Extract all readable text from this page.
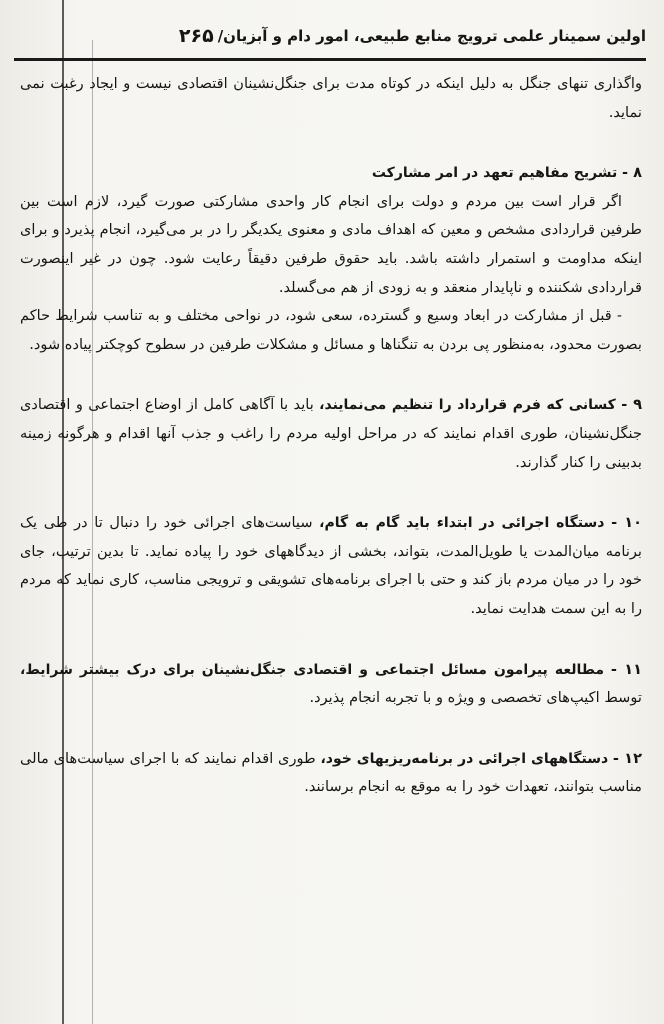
اولین سمینار علمی ترویج منابع طبیعی، امور دام و آبزیان/
۲۶۵

واگذاری تنهای جنگل به دلیل اینکه در کوتاه مدت برای جنگل‌نشینان اقتصادی نیست و ایجاد رغبت نمی نماید.

۸ - تشریح مفاهیم تعهد در امر مشارکت

اگر قرار است بین مردم و دولت برای انجام کار واحدی مشارکتی صورت گیرد، لازم است بین طرفین قراردادی مشخص و معین که اهداف مادی و معنوی یکدیگر را در بر می‌گیرد، انجام پذیرد و برای اینکه مداومت و استمرار داشته باشد. باید حقوق طرفین دقیقاً رعایت شود. چون در غیر اینصورت قراردادی شکننده و ناپایدار منعقد و به زودی از هم می‌گسلد.

- قبل از مشارکت در ابعاد وسیع و گسترده، سعی شود، در نواحی مختلف و به تناسب شرایط حاکم بصورت محدود، به‌منظور پی بردن به تنگناها و مسائل و مشکلات طرفین در سطوح کوچکتر پیاده شود.

۹ - کسانی که فرم قرارداد را تنظیم می‌نمایند، باید با آگاهی کامل از اوضاع اجتماعی و اقتصادی جنگل‌نشینان، طوری اقدام نمایند که در مراحل اولیه مردم را راغب و جذب آنها اقدام و هرگونه زمینه بدبینی را کنار گذارند.

۱۰ - دستگاه اجرائی در ابتداء باید گام به گام، سیاست‌های اجرائی خود را دنبال تا در طی یک برنامه میان‌المدت یا طویل‌المدت، بتواند، بخشی از دیدگاههای خود را پیاده نماید. تا بدین ترتیب، جای خود را در میان مردم باز کند و حتی با اجرای برنامه‌های تشویقی و ترویجی مناسب، کاری نماید که مردم را به این سمت هدایت نماید.

۱۱ - مطالعه پیرامون مسائل اجتماعی و اقتصادی جنگل‌نشینان برای درک بیشتر شرایط، توسط اکیپ‌های تخصصی و ویژه و با تجربه انجام پذیرد.

۱۲ - دستگاههای اجرائی در برنامه‌ریزیهای خود، طوری اقدام نمایند که با اجرای سیاست‌های مالی مناسب بتوانند، تعهدات خود را به موقع به انجام برسانند.
